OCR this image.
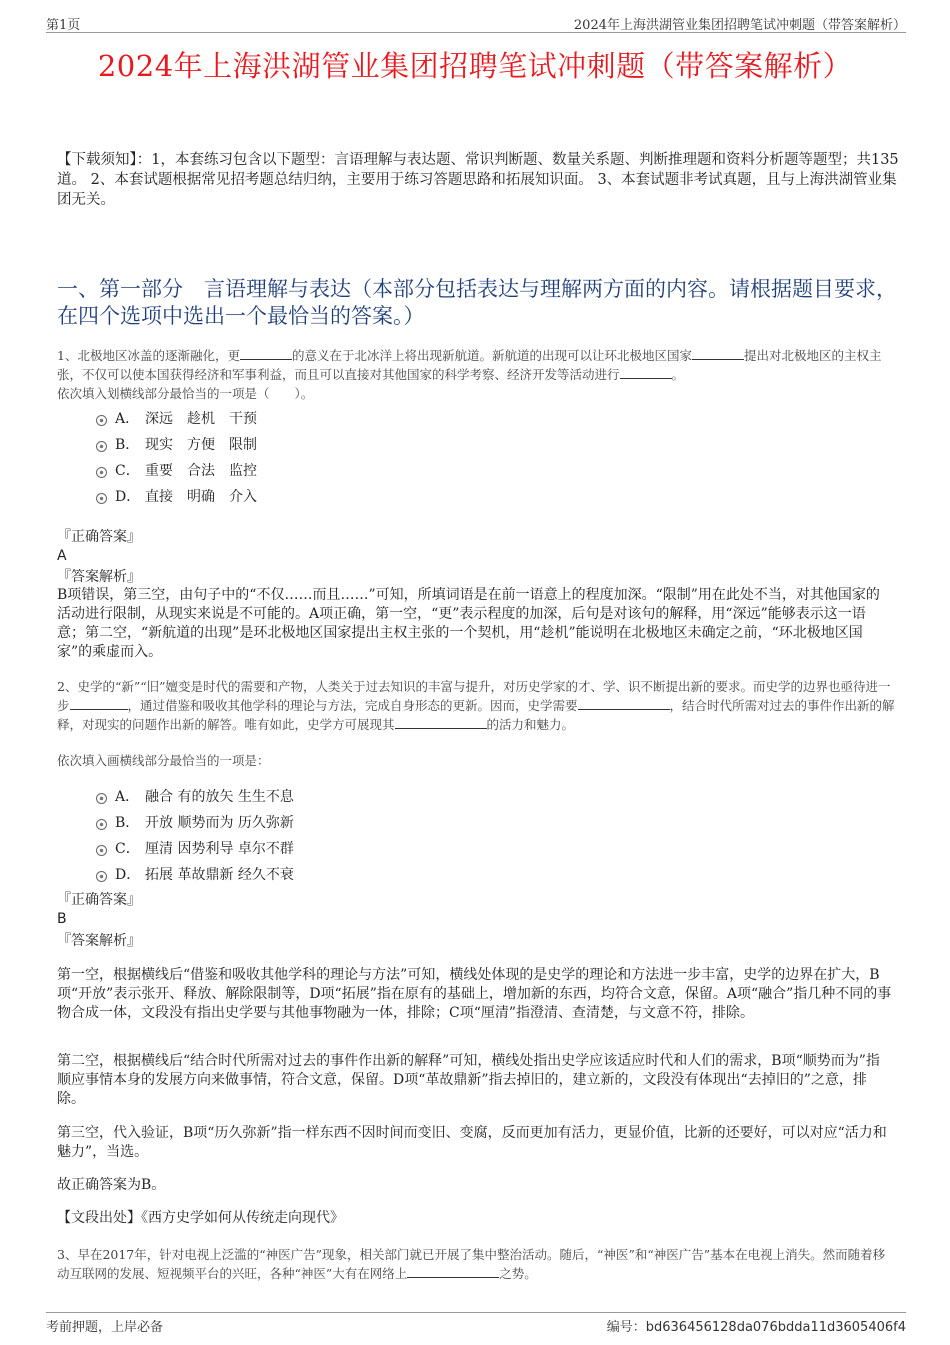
第1页	2024年上海洪湖管业集团招聘笔试冲刺题（带答案解析）
2024年上海洪湖管业集团招聘笔试冲刺题（带答案解析）
【下载须知】：1，本套练习包含以下题型：言语理解与表达题、常识判断题、数量关系题、判断推理题和资料分析题等题型；共135道。 2、本套试题根据常见招考题总结归纳，主要用于练习答题思路和拓展知识面。 3、本套试题非考试真题，且与上海洪湖管业集团无关。
一、第一部分　言语理解与表达（本部分包括表达与理解两方面的内容。请根据题目要求，在四个选项中选出一个最恰当的答案。）
1、北极地区冰盖的逐渐融化，更	的意义在于北冰洋上将出现新航道。新航道的出现可以让环北极地区国家	提出对北极地区的主权主张，不仅可以使本国获得经济和军事利益，而且可以直接对其他国家的科学考察、经济开发等活动进行	。
依次填入划横线部分最恰当的一项是（　　）。
A． 深远　趁机　干预
B． 现实　方便　限制
C． 重要　合法　监控
D． 直接　明确　介入
『正确答案』
A
『答案解析』
B项错误，第三空，由句子中的“不仅……而且……”可知，所填词语是在前一语意上的程度加深。“限制”用在此处不当，对其他国家的活动进行限制，从现实来说是不可能的。A项正确，第一空，“更”表示程度的加深，后句是对该句的解释，用“深远”能够表示这一语意；第二空，“新航道的出现”是环北极地区国家提出主权主张的一个契机，用“趁机”能说明在北极地区未确定之前，“环北极地区国家”的乘虚而入。
2、史学的“新”“旧”嬗变是时代的需要和产物，人类关于过去知识的丰富与提升，对历史学家的才、学、识不断提出新的要求。而史学的边界也亟待进一步	，通过借鉴和吸收其他学科的理论与方法，完成自身形态的更新。因而，史学需要	，结合时代所需对过去的事件作出新的解释，对现实的问题作出新的解答。唯有如此，史学方可展现其	的活力和魅力。
依次填入画横线部分最恰当的一项是：
A． 融合 有的放矢 生生不息
B． 开放 顺势而为 历久弥新
C． 厘清 因势利导 卓尔不群
D． 拓展 革故鼎新 经久不衰
『正确答案』
B
『答案解析』
第一空，根据横线后“借鉴和吸收其他学科的理论与方法”可知，横线处体现的是史学的理论和方法进一步丰富，史学的边界在扩大，B项“开放”表示张开、释放、解除限制等，D项“拓展”指在原有的基础上，增加新的东西，均符合文意，保留。A项“融合”指几种不同的事物合成一体，文段没有指出史学要与其他事物融为一体，排除；C项“厘清”指澄清、查清楚，与文意不符，排除。
第二空，根据横线后“结合时代所需对过去的事件作出新的解释”可知，横线处指出史学应该适应时代和人们的需求，B项“顺势而为”指顺应事情本身的发展方向来做事情，符合文意，保留。D项“革故鼎新”指去掉旧的，建立新的，文段没有体现出“去掉旧的”之意，排除。
第三空，代入验证，B项“历久弥新”指一样东西不因时间而变旧、变腐，反而更加有活力，更显价值，比新的还要好，可以对应“活力和魅力”，当选。
故正确答案为B。
【文段出处】《西方史学如何从传统走向现代》
3、早在2017年，针对电视上泛滥的“神医广告”现象，相关部门就已开展了集中整治活动。随后，“神医”和“神医广告”基本在电视上消失。然而随着移动互联网的发展、短视频平台的兴旺，各种“神医”大有在网络上	之势。
考前押题，上岸必备	编号：bd636456128da076bdda11d3605406f4
